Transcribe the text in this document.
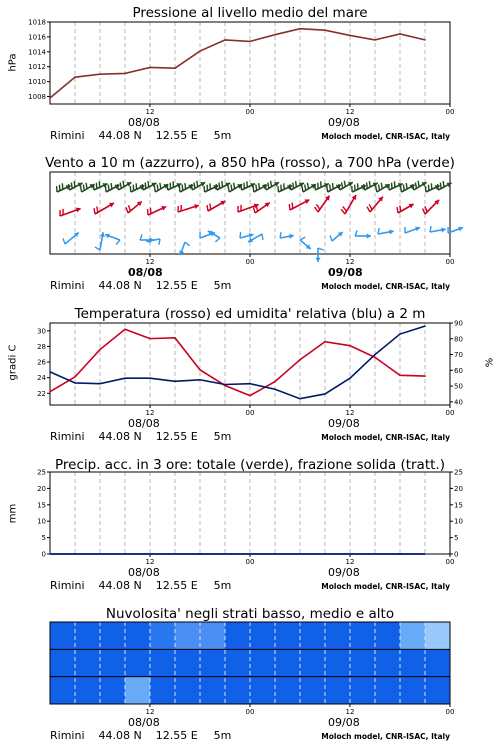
Pressione al livello medio del mare
hPa
12	00	12	00
1008
1010
1012
1014
1016
1018
Vento a 10 m (azzurro), a 850 hPa (rosso), a 700 hPa (verde)
12	00	12	00
Temperatura (rosso) ed umidita' relativa (blu) a 2 m
gradi C	%
12	00	12	00
22
24
26
28
30
40
50
60
70
80
90
Precip. acc. in 3 ore: totale (verde), frazione solida (tratt.)
mm
12	00	12	00
0
5
10
15
20
25
0
5
10
15
20
25
Nuvolosita' negli strati basso, medio e alto
12	00	12	00
08/08	09/08
Rimini 44.08 N 12.55 E 5m	Moloch model, CNR-ISAC, Italy
08/08	09/08
Rimini 44.08 N 12.55 E 5m	Moloch model, CNR-ISAC, Italy
08/08	09/08
Rimini 44.08 N 12.55 E 5m	Moloch model, CNR-ISAC, Italy
08/08	09/08
Rimini 44.08 N 12.55 E 5m	Moloch model, CNR-ISAC, Italy
08/08	09/08
Rimini 44.08 N 12.55 E 5m	Moloch model, CNR-ISAC, Italy
